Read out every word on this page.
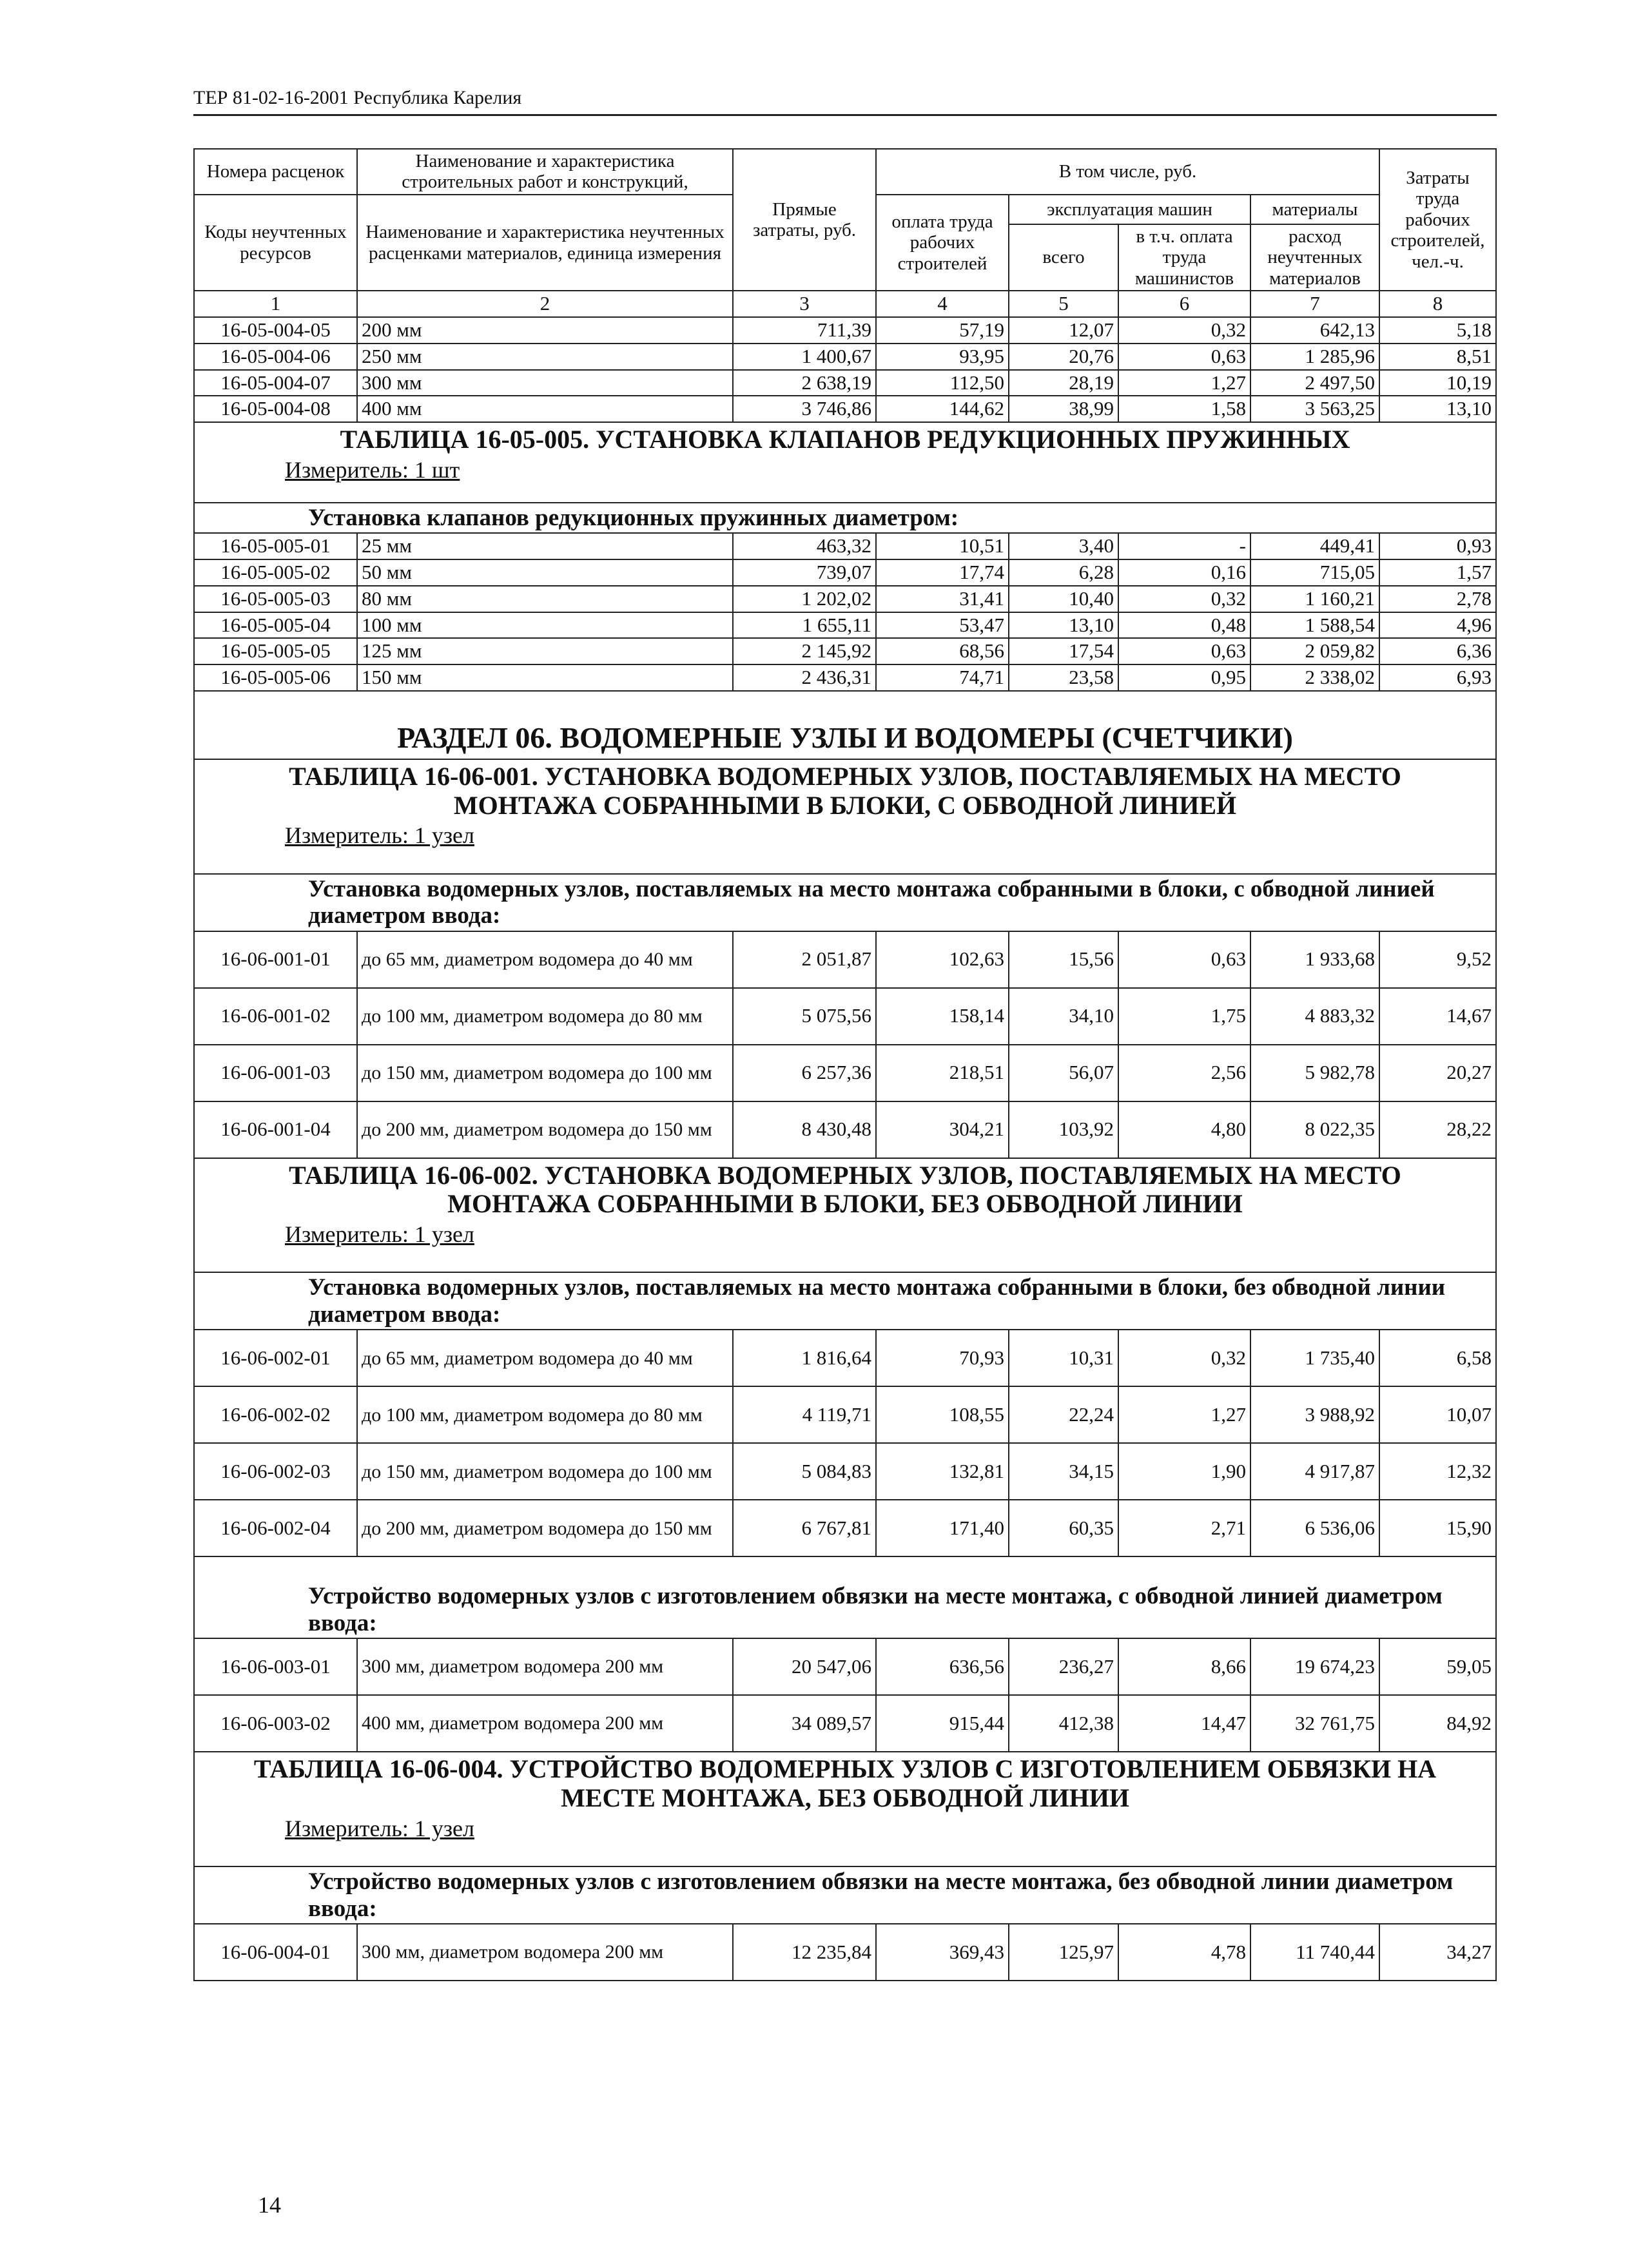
ТЕР 81-02-16-2001 Республика Карелия
Номера расценок	Наименование и характеристика строительных работ и конструкций,	Прямые затраты, руб.	В том числе, руб.				Затраты труда рабочих строителей, чел.-ч.
Коды неучтенных ресурсов	Наименование и характеристика неучтенных расценками материалов, единица измерения		оплата труда рабочих строителей	эксплуатация машин		материалы	
				всего	в т.ч. оплата труда машинистов	расход неучтенных материалов	
1	2	3	4	5	6	7	8
16-05-004-05	200 мм	711,39	57,19	12,07	0,32	642,13	5,18
16-05-004-06	250 мм	1 400,67	93,95	20,76	0,63	1 285,96	8,51
16-05-004-07	300 мм	2 638,19	112,50	28,19	1,27	2 497,50	10,19
16-05-004-08	400 мм	3 746,86	144,62	38,99	1,58	3 563,25	13,10
ТАБЛИЦА 16-05-005. УСТАНОВКА КЛАПАНОВ РЕДУКЦИОННЫХ ПРУЖИННЫХ							
Измеритель: 1 шт							
Установка клапанов редукционных пружинных диаметром:							
16-05-005-01	25 мм	463,32	10,51	3,40	-	449,41	0,93
16-05-005-02	50 мм	739,07	17,74	6,28	0,16	715,05	1,57
16-05-005-03	80 мм	1 202,02	31,41	10,40	0,32	1 160,21	2,78
16-05-005-04	100 мм	1 655,11	53,47	13,10	0,48	1 588,54	4,96
16-05-005-05	125 мм	2 145,92	68,56	17,54	0,63	2 059,82	6,36
16-05-005-06	150 мм	2 436,31	74,71	23,58	0,95	2 338,02	6,93
РАЗДЕЛ 06. ВОДОМЕРНЫЕ УЗЛЫ И ВОДОМЕРЫ (СЧЕТЧИКИ)							
ТАБЛИЦА 16-06-001. УСТАНОВКА ВОДОМЕРНЫХ УЗЛОВ, ПОСТАВЛЯЕМЫХ НА МЕСТО
МОНТАЖА СОБРАННЫМИ В БЛОКИ, С ОБВОДНОЙ ЛИНИЕЙ							
Измеритель: 1 узел							
Установка водомерных узлов, поставляемых на место монтажа собранными в блоки, с обводной линией диаметром ввода:							
16-06-001-01	до 65 мм, диаметром водомера до 40 мм	2 051,87	102,63	15,56	0,63	1 933,68	9,52
16-06-001-02	до 100 мм, диаметром водомера до 80 мм	5 075,56	158,14	34,10	1,75	4 883,32	14,67
16-06-001-03	до 150 мм, диаметром водомера до 100 мм	6 257,36	218,51	56,07	2,56	5 982,78	20,27
16-06-001-04	до 200 мм, диаметром водомера до 150 мм	8 430,48	304,21	103,92	4,80	8 022,35	28,22
ТАБЛИЦА 16-06-002. УСТАНОВКА ВОДОМЕРНЫХ УЗЛОВ, ПОСТАВЛЯЕМЫХ НА МЕСТО
МОНТАЖА СОБРАННЫМИ В БЛОКИ, БЕЗ ОБВОДНОЙ ЛИНИИ							
Измеритель: 1 узел							
Установка водомерных узлов, поставляемых на место монтажа собранными в блоки, без обводной линии диаметром ввода:							
16-06-002-01	до 65 мм, диаметром водомера до 40 мм	1 816,64	70,93	10,31	0,32	1 735,40	6,58
16-06-002-02	до 100 мм, диаметром водомера до 80 мм	4 119,71	108,55	22,24	1,27	3 988,92	10,07
16-06-002-03	до 150 мм, диаметром водомера до 100 мм	5 084,83	132,81	34,15	1,90	4 917,87	12,32
16-06-002-04	до 200 мм, диаметром водомера до 150 мм	6 767,81	171,40	60,35	2,71	6 536,06	15,90
Устройство водомерных узлов с изготовлением обвязки на месте монтажа, с обводной линией диаметром ввода:							
16-06-003-01	300 мм, диаметром водомера 200 мм	20 547,06	636,56	236,27	8,66	19 674,23	59,05
16-06-003-02	400 мм, диаметром водомера 200 мм	34 089,57	915,44	412,38	14,47	32 761,75	84,92
ТАБЛИЦА 16-06-004. УСТРОЙСТВО ВОДОМЕРНЫХ УЗЛОВ С ИЗГОТОВЛЕНИЕМ ОБВЯЗКИ НА
МЕСТЕ МОНТАЖА, БЕЗ ОБВОДНОЙ ЛИНИИ							
Измеритель: 1 узел							
Устройство водомерных узлов с изготовлением обвязки на месте монтажа, без обводной линии диаметром ввода:							
16-06-004-01	300 мм, диаметром водомера 200 мм	12 235,84	369,43	125,97	4,78	11 740,44	34,27
14
